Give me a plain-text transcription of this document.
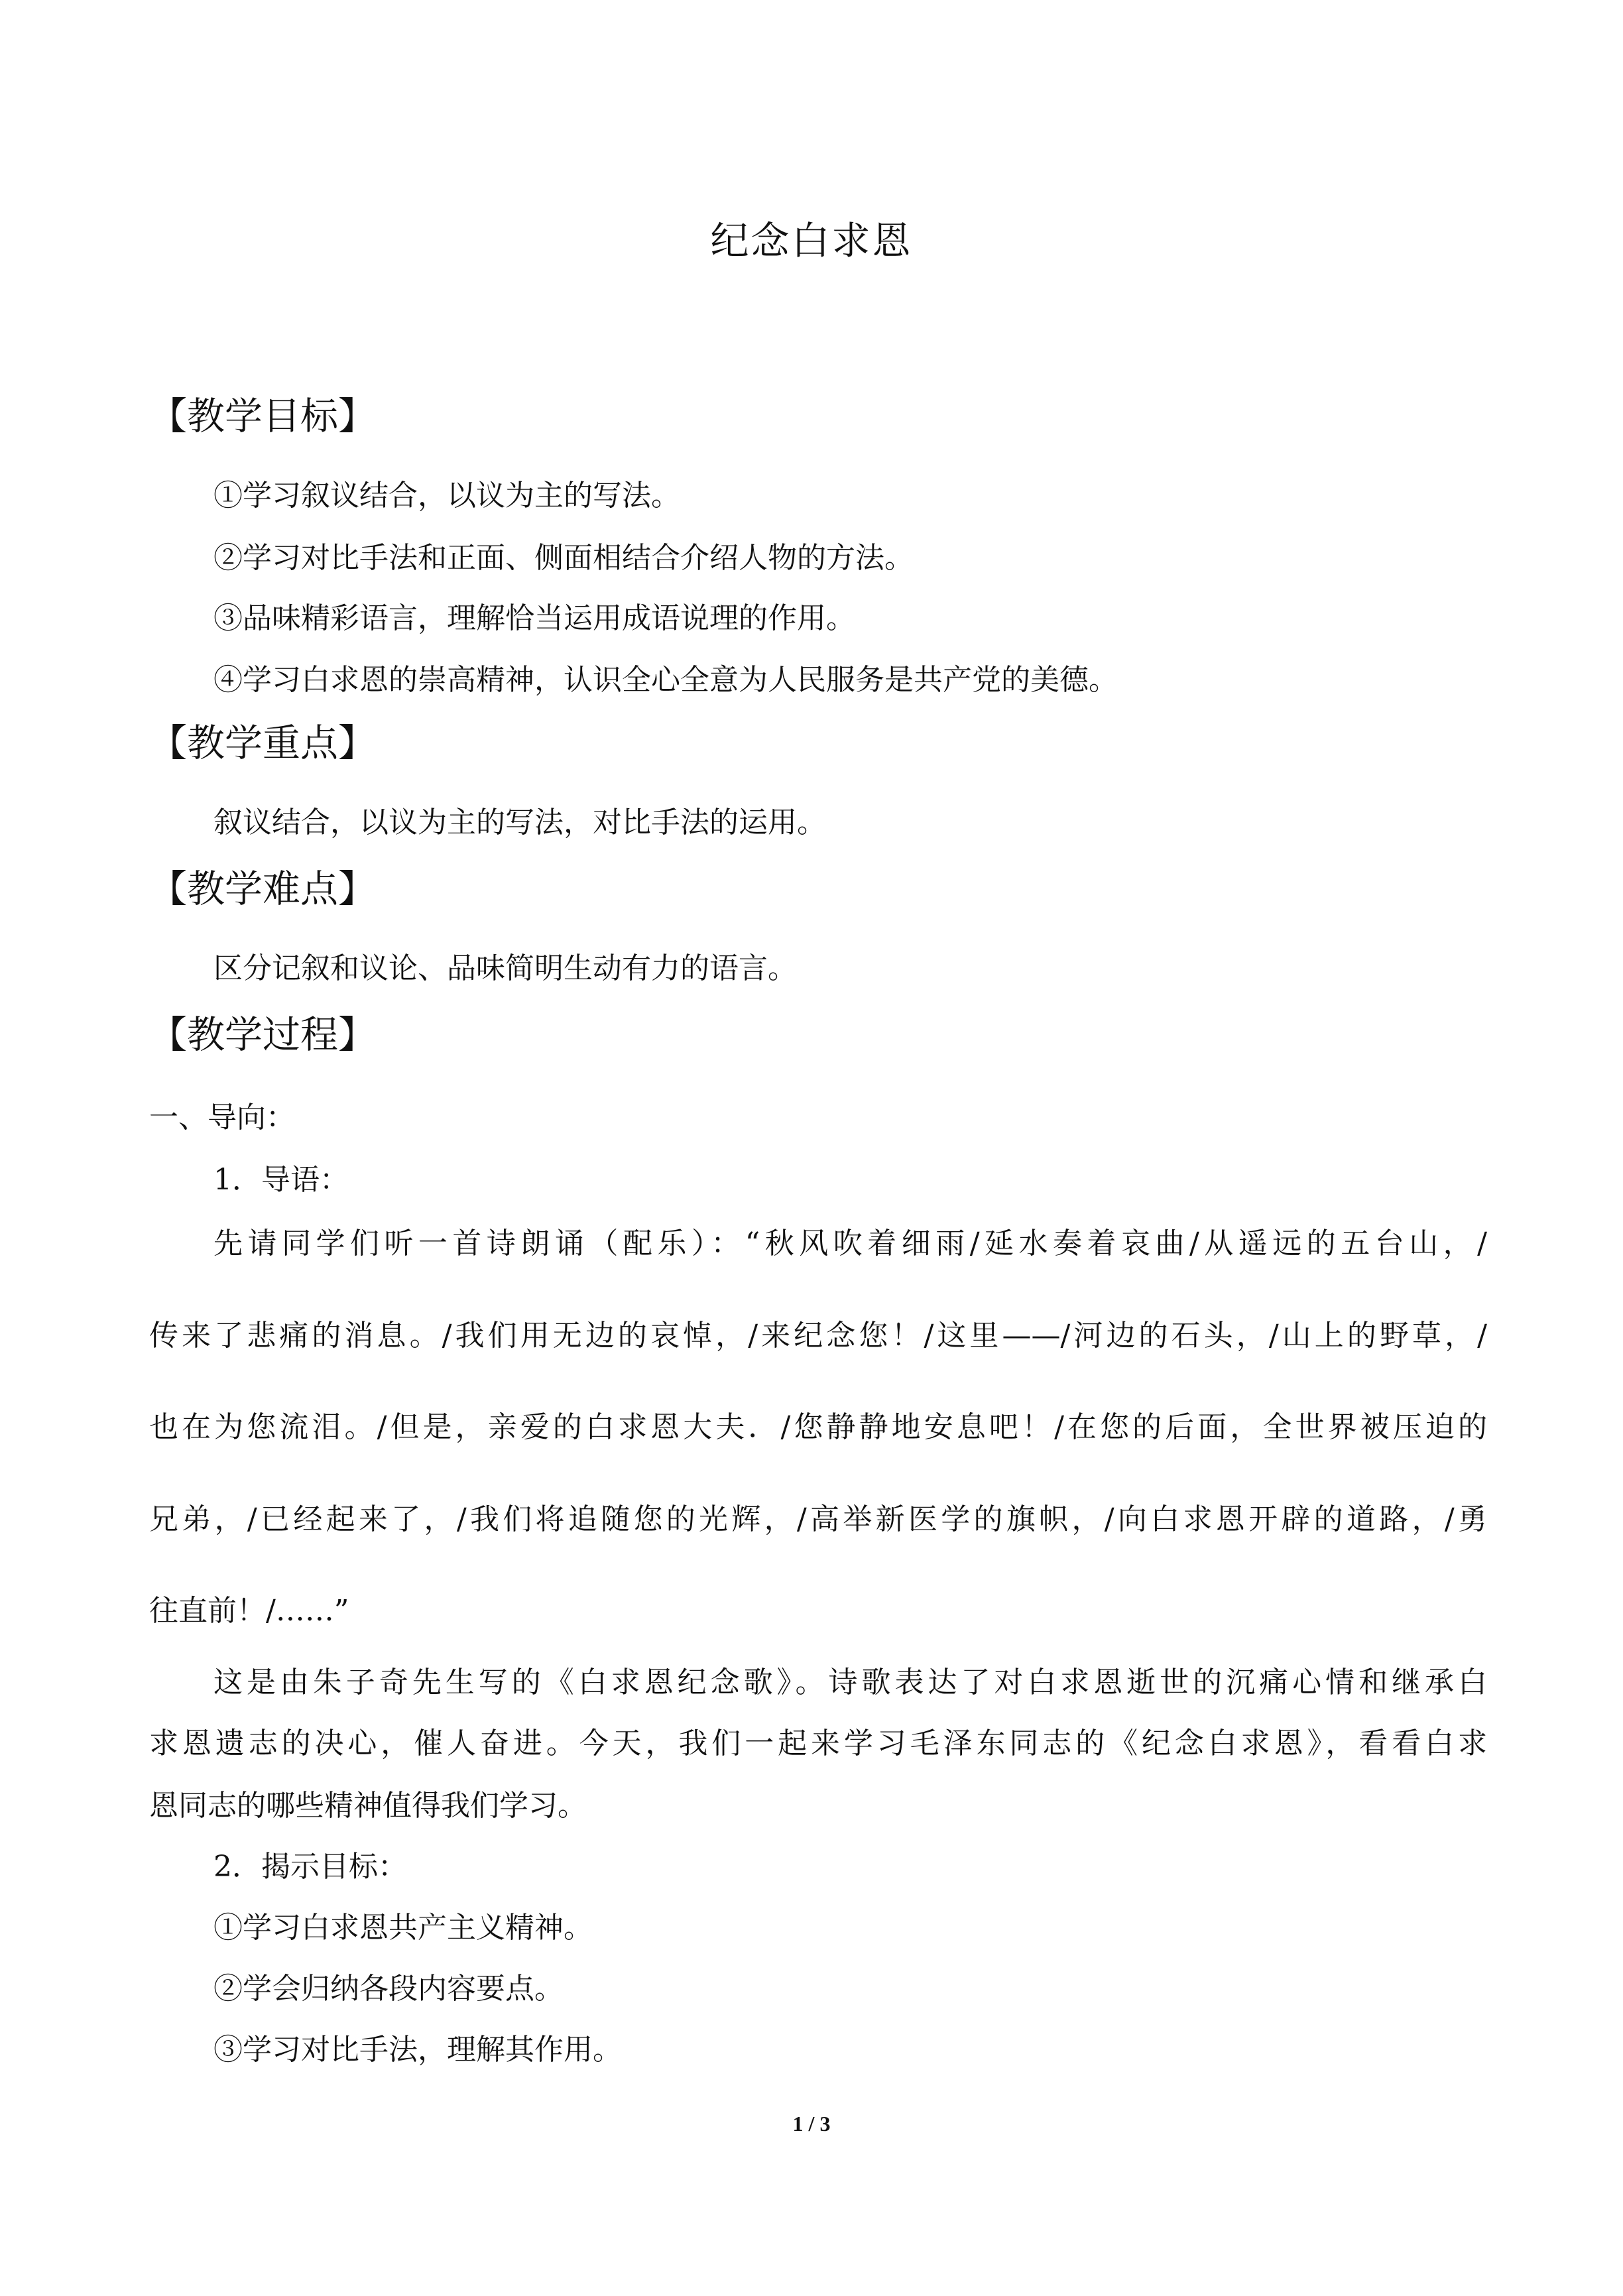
纪念白求恩
【教学目标】
①学习叙议结合，以议为主的写法。
②学习对比手法和正面、侧面相结合介绍人物的方法。
③品味精彩语言，理解恰当运用成语说理的作用。
④学习白求恩的崇高精神，认识全心全意为人民服务是共产党的美德。
【教学重点】
叙议结合，以议为主的写法，对比手法的运用。
【教学难点】
区分记叙和议论、品味简明生动有力的语言。
【教学过程】
一、导向：
1．导语：
先请同学们听一首诗朗诵（配乐）：“秋风吹着细雨/延水奏着哀曲/从遥远的五台山，/
传来了悲痛的消息。/我们用无边的哀悼，/来纪念您！/这里——/河边的石头，/山上的野草，/
也在为您流泪。/但是，亲爱的白求恩大夫．/您静静地安息吧！/在您的后面，全世界被压迫的
兄弟，/已经起来了，/我们将追随您的光辉，/高举新医学的旗帜，/向白求恩开辟的道路，/勇
往直前！/……”
这是由朱子奇先生写的《白求恩纪念歌》。诗歌表达了对白求恩逝世的沉痛心情和继承白
求恩遗志的决心，催人奋进。今天，我们一起来学习毛泽东同志的《纪念白求恩》，看看白求
恩同志的哪些精神值得我们学习。
2．揭示目标：
①学习白求恩共产主义精神。
②学会归纳各段内容要点。
③学习对比手法，理解其作用。
1 / 3
